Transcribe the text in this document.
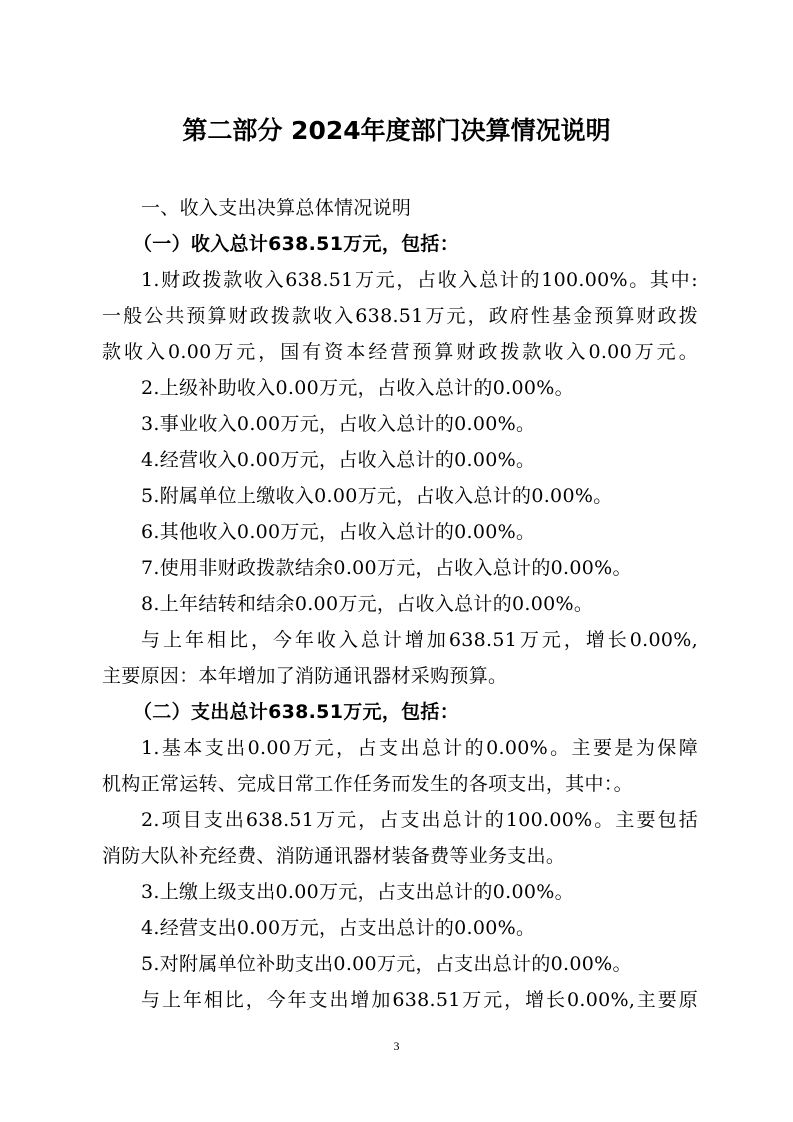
第二部分 2024年度部门决算情况说明
一、收入支出决算总体情况说明
（一）收入总计638.51万元，包括：
1.财政拨款收入638.51万元，占收入总计的100.00%。其中:
一般公共预算财政拨款收入638.51万元，政府性基金预算财政拨
款收入0.00万元，国有资本经营预算财政拨款收入0.00万元。
2.上级补助收入0.00万元，占收入总计的0.00%。
3.事业收入0.00万元，占收入总计的0.00%。
4.经营收入0.00万元，占收入总计的0.00%。
5.附属单位上缴收入0.00万元，占收入总计的0.00%。
6.其他收入0.00万元，占收入总计的0.00%。
7.使用非财政拨款结余0.00万元，占收入总计的0.00%。
8.上年结转和结余0.00万元，占收入总计的0.00%。
与上年相比，今年收入总计增加638.51万元，增长0.00%,
主要原因：本年增加了消防通讯器材采购预算。
（二）支出总计638.51万元，包括：
1.基本支出0.00万元，占支出总计的0.00%。主要是为保障
机构正常运转、完成日常工作任务而发生的各项支出，其中：。
2.项目支出638.51万元，占支出总计的100.00%。主要包括
消防大队补充经费、消防通讯器材装备费等业务支出。
3.上缴上级支出0.00万元，占支出总计的0.00%。
4.经营支出0.00万元，占支出总计的0.00%。
5.对附属单位补助支出0.00万元，占支出总计的0.00%。
与上年相比，今年支出增加638.51万元，增长0.00%,主要原
3
